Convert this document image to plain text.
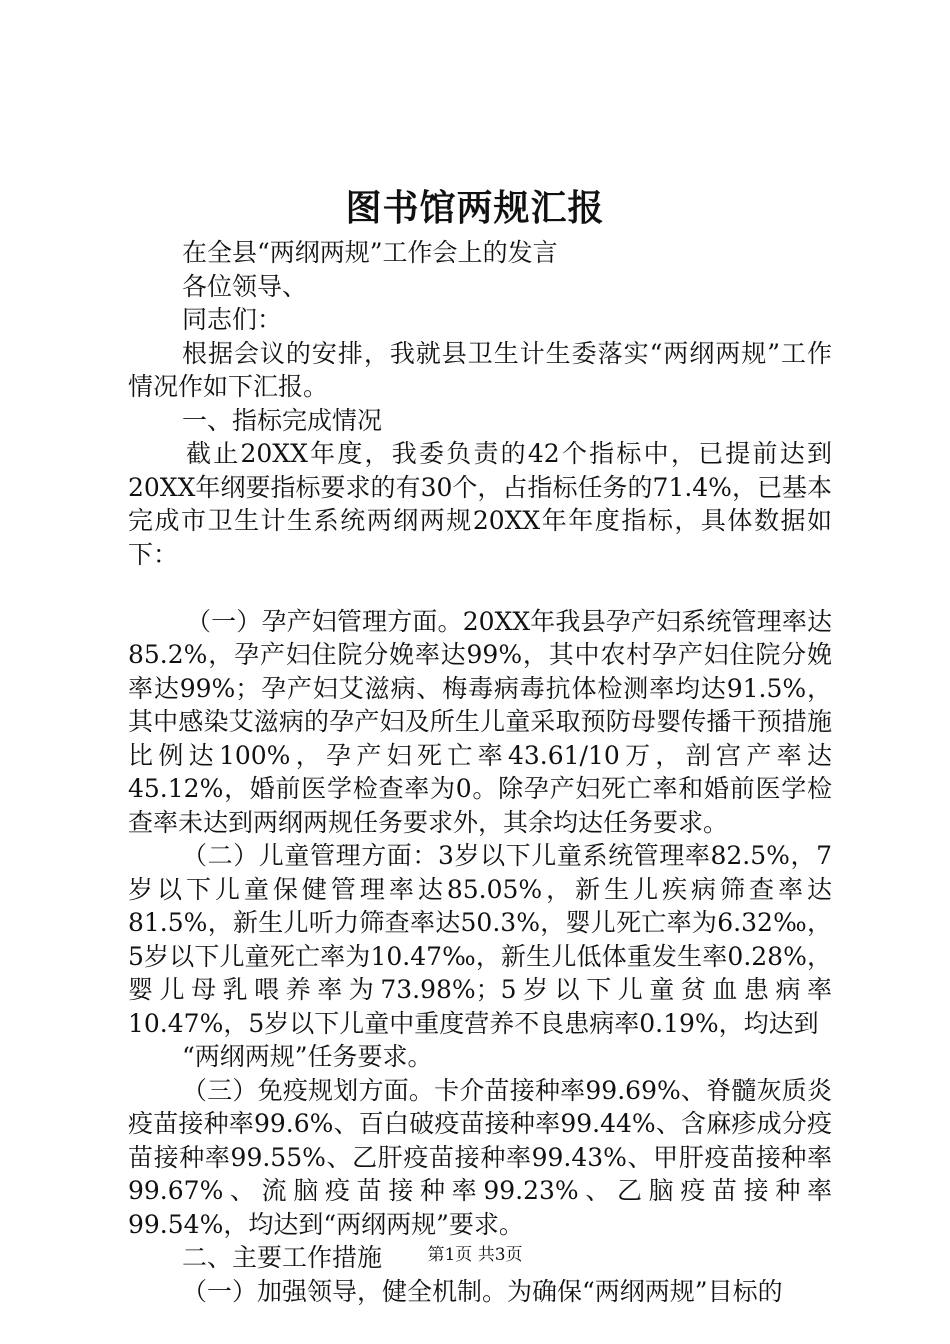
图书馆两规汇报

在全县“两纲两规”工作会上的发言

各位领导、

同志们：

根据会议的安排，我就县卫生计生委落实“两纲两规”工作情况作如下汇报。

一、指标完成情况

截止20XX年度，我委负责的42个指标中，已提前达到20XX年纲要指标要求的有30个，占指标任务的71.4%，已基本完成市卫生计生系统两纲两规20XX年年度指标，具体数据如下：

（一）孕产妇管理方面。20XX年我县孕产妇系统管理率达85.2%，孕产妇住院分娩率达99%，其中农村孕产妇住院分娩率达99%；孕产妇艾滋病、梅毒病毒抗体检测率均达91.5%，其中感染艾滋病的孕产妇及所生儿童采取预防母婴传播干预措施比例达100%，孕产妇死亡率43.61/10万，剖宫产率达45.12%，婚前医学检查率为0。除孕产妇死亡率和婚前医学检查率未达到两纲两规任务要求外，其余均达任务要求。

（二）儿童管理方面：3岁以下儿童系统管理率82.5%，7岁以下儿童保健管理率达85.05%，新生儿疾病筛查率达81.5%，新生儿听力筛查率达50.3%，婴儿死亡率为6.32‰，5岁以下儿童死亡率为10.47‰，新生儿低体重发生率0.28%，婴儿母乳喂养率为73.98%；5岁以下儿童贫血患病率10.47%，5岁以下儿童中重度营养不良患病率0.19%，均达到

“两纲两规”任务要求。

（三）免疫规划方面。卡介苗接种率99.69%、脊髓灰质炎疫苗接种率99.6%、百白破疫苗接种率99.44%、含麻疹成分疫苗接种率99.55%、乙肝疫苗接种率99.43%、甲肝疫苗接种率99.67%、流脑疫苗接种率99.23%、乙脑疫苗接种率99.54%，均达到“两纲两规”要求。

二、主要工作措施

（一）加强领导，健全机制。为确保“两纲两规”目标的

第1页 共3页
